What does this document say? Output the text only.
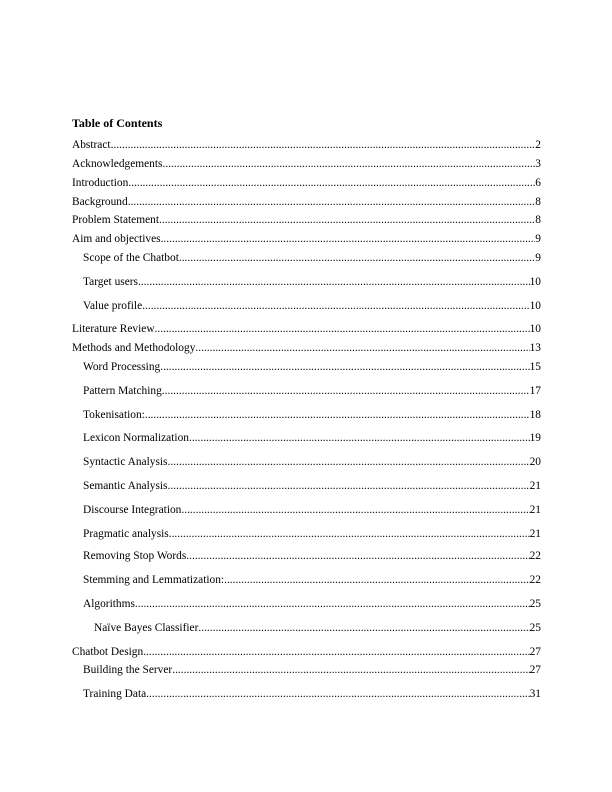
Table of Contents
Abstract .....	2
Acknowledgements .....	3
Introduction .....	6
Background .....	8
Problem Statement .....	8
Aim and objectives .....	9
Scope of the Chatbot .....	9
Target users .....	10
Value profile .....	10
Literature Review .....	10
Methods and Methodology .....	13
Word Processing .....	15
Pattern Matching .....	17
Tokenisation: .....	18
Lexicon Normalization .....	19
Syntactic Analysis .....	20
Semantic Analysis .....	21
Discourse Integration .....	21
Pragmatic analysis .....	21
Removing Stop Words .....	22
Stemming and Lemmatization: .....	22
Algorithms .....	25
Naïve Bayes Classifier .....	25
Chatbot Design .....	27
Building the Server .....	27
Training Data .....	31
